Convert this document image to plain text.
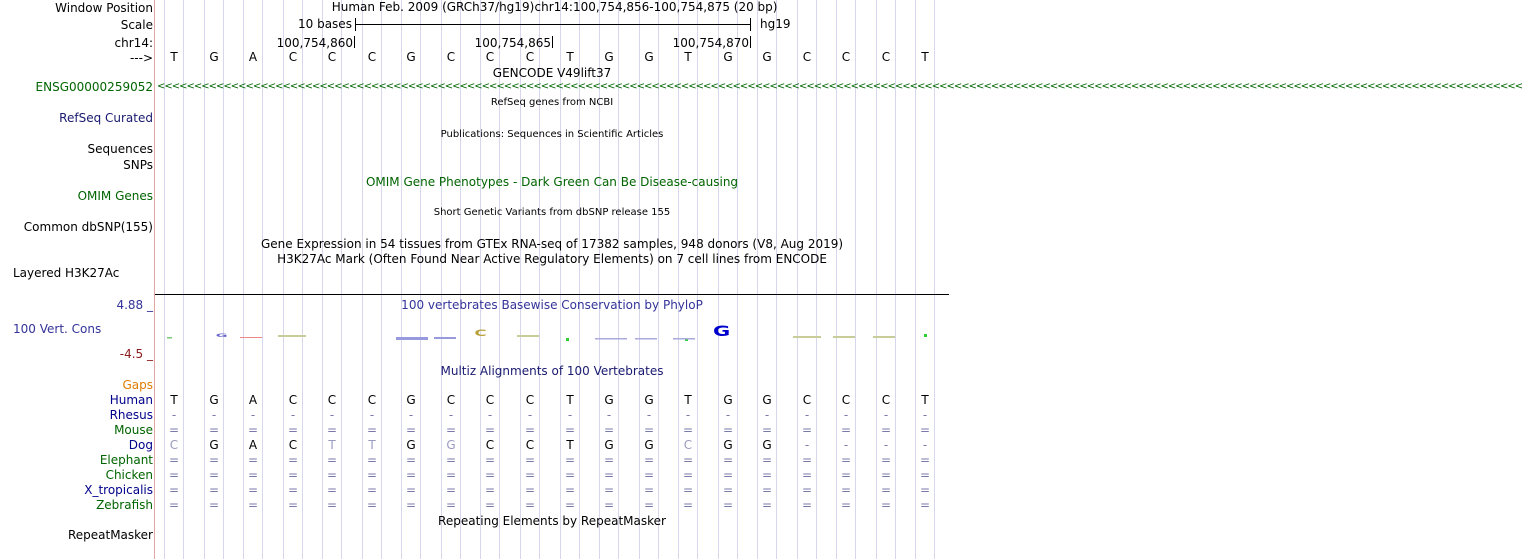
Window Position
Scale
chr14:
--->
Human Feb. 2009 (GRCh37/hg19) chr14:100,754,856-100,754,875 (20 bp)
10 bases	hg19
100,754,860	100,754,865	100,754,870
T	G	A	C	C	C	G	C	C	C	T	G	G	T	G G	C	C	C	T
GENCODE V49lift37
ENSG00000259052 <<<<<<<<<<<<<<<<<<<<<<<<<<<<<<<<<<<<<<<<<<<<<<<<<<<<<<<<<<<<<<<<<<<<<<<<<<<<<<<<<<<<<<<<<<<<<<<<<<<<<<<<<<<<<<<<<<<<<<<<<<<<<<<<<<<<<<<<<<<<<<<<<<<<<<<<<<<<<<<<<<<<<<<<<<<<<<<<<<<<<<<<<
RefSeq genes from NCBI
RefSeq Curated
Publications: Sequences in Scientific Articles
Sequences
SNPs
OMIM Gene Phenotypes - Dark Green Can Be Disease-causing
OMIM Genes
Short Genetic Variants from dbSNP release 155
Common dbSNP(155)
Gene Expression in 54 tissues from GTEx RNA-seq of 17382 samples, 948 donors (V8, Aug 2019)
H3K27Ac Mark (Often Found Near Active Regulatory Elements) on 7 cell lines from ENCODE
Layered H3K27Ac
4.88 _	100 vertebrates Basewise Conservation by PhyloP
100 Vert. Cons	G	C	G
-4.5 _
Multiz Alignments of 100 Vertebrates
Gaps
Human T	G	A	C	C	C	G	C	C	C	T	G	G	T	G G	C	C	C	T
Rhesus -	-	-	-	-	-	-	-	-	-	-	-	-	-	-	-	-	-	-	-
Mouse = = = = = = = = = = = = = = = = = = = =
Dog C	G	A	C	T	T	G	G	C	C	T	G	G	C	G G	-	-	-	-
Elephant = = = = = = = = = = = = = = = = = = = =
Chicken = = = = = = = = = = = = = = = = = = = =
X_tropicalis = = = = = = = = = = = = = = = = = = = =
Zebrafish = = = = = = = = = = = = = = = = = = = =
Repeating Elements by RepeatMasker
RepeatMasker
